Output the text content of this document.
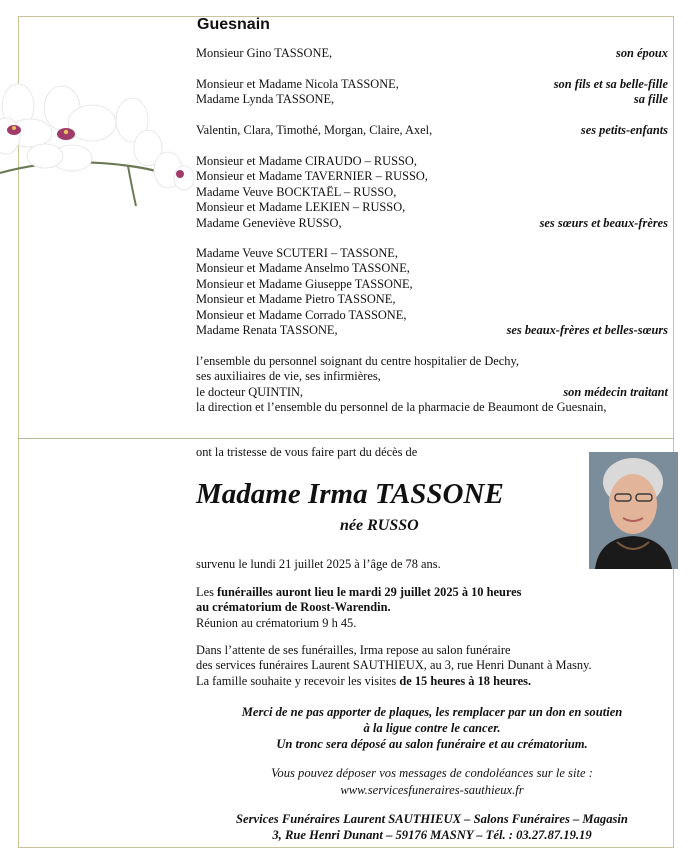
Guesnain
Monsieur Gino TASSONE,	son époux
Monsieur et Madame Nicola TASSONE,	son fils et sa belle-fille
Madame Lynda TASSONE,	sa fille
Valentin, Clara, Timothé, Morgan, Claire, Axel,	ses petits-enfants
Monsieur et Madame CIRAUDO – RUSSO,
Monsieur et Madame TAVERNIER – RUSSO,
Madame Veuve BOCKTAËL – RUSSO,
Monsieur et Madame LEKIEN – RUSSO,
Madame Geneviève RUSSO,	ses sœurs et beaux-frères
Madame Veuve SCUTERI – TASSONE,
Monsieur et Madame Anselmo TASSONE,
Monsieur et Madame Giuseppe TASSONE,
Monsieur et Madame Pietro TASSONE,
Monsieur et Madame Corrado TASSONE,
Madame Renata TASSONE,	ses beaux-frères et belles-sœurs
l’ensemble du personnel soignant du centre hospitalier de Dechy,
ses auxiliaires de vie, ses infirmières,
le docteur QUINTIN,	son médecin traitant
la direction et l’ensemble du personnel de la pharmacie de Beaumont de Guesnain,
ont la tristesse de vous faire part du décès de
Madame Irma TASSONE
née RUSSO
survenu le lundi 21 juillet 2025 à l’âge de 78 ans.
Les funérailles auront lieu le mardi 29 juillet 2025 à 10 heures
au crématorium de Roost-Warendin.
Réunion au crématorium 9 h 45.
Dans l’attente de ses funérailles, Irma repose au salon funéraire
des services funéraires Laurent SAUTHIEUX, au 3, rue Henri Dunant à Masny.
La famille souhaite y recevoir les visites de 15 heures à 18 heures.
Merci de ne pas apporter de plaques, les remplacer par un don en soutien
à la ligue contre le cancer.
Un tronc sera déposé au salon funéraire et au crématorium.
Vous pouvez déposer vos messages de condoléances sur le site :
www.servicesfuneraires-sauthieux.fr
Services Funéraires Laurent SAUTHIEUX – Salons Funéraires – Magasin
3, Rue Henri Dunant – 59176 MASNY – Tél. : 03.27.87.19.19
